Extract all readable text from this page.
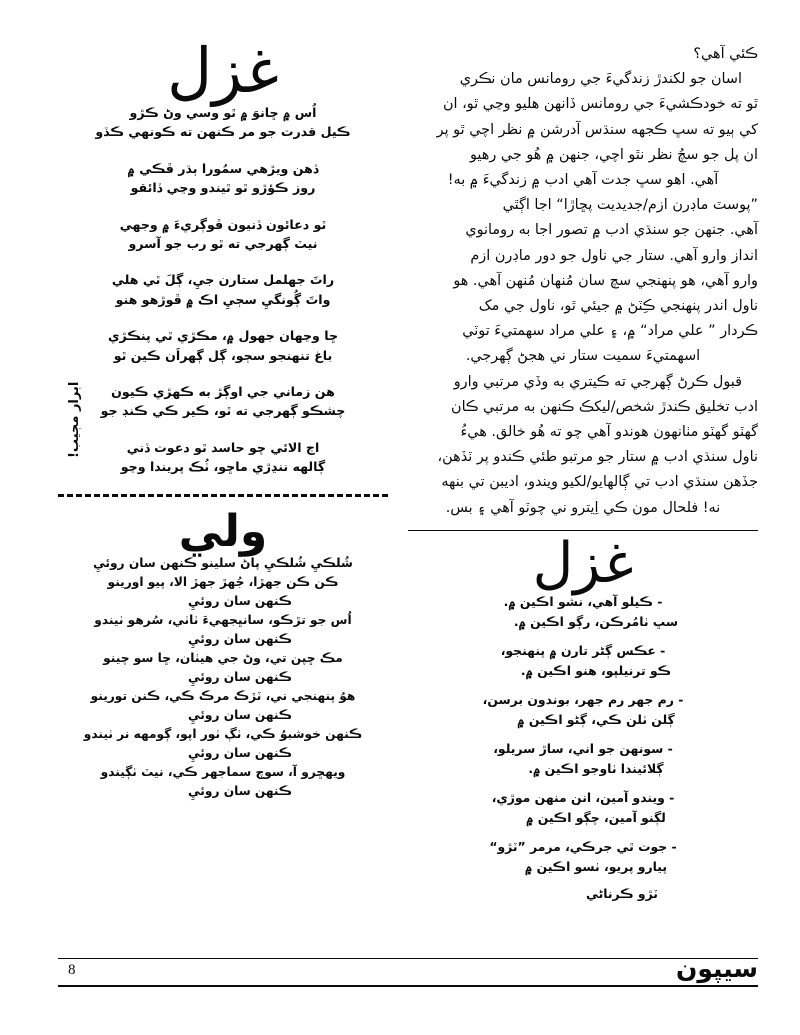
ڪئي آهي؟

اسان جو لکندڙ زندگيءَ جي رومانس مان نڪري

ٿو ته خودڪشيءَ جي رومانس ڏانهن هليو وڃي ٿو، ان

کي ٻيو ته سڀ ڪجهه سنڌس آدرشن ۾ نظر اچي ٿو پر

ان پل جو سچُ نظر نٿو اچي، جنهن ۾ هُو جي رهيو

آهي. اهو سڀ جدت آهي ادب ۾ زندگيءَ ۾ به!

”پوسٽ ماڊرن ازم/جديديت پڇاڙا“ اجا اڳٿي

آهي. جنهن جو سنڌي ادب ۾ تصور اجا به رومانوي

انداز وارو آهي. ستار جي ناول جو دور ماڊرن ازم

وارو آهي، هو پنهنجي سچ سان مُنهان مُنهن آهي. هو

ناول اندر پنهنجي ڪِٽڻ ۾ جيئي ٿو، ناول جي مک

ڪردار ” علي مراد“ ۾، ۽ علي مراد سهمتيءَ توٽي

اسهمتيءَ سميت ستار ني هجڻ ڳهرجي.

قبول ڪرڻ ڳهرجي ته ڪيتري به وڏي مرتبي وارو

ادب تخليق ڪندڙ شخص/ليکڪ ڪنهن به مرتبي ڪان

گهٽو گهٽو مٺانهون هوندو آهي چو ته هُو خالق. هيءُ

ناول سنڌي ادب ۾ ستار جو مرتبو طئي ڪندو پر ٽڏهن،

جڏهن سنڌي ادب تي ڳالهايو/لکيو ويندو، اديبن تي بنهه

نه! فلحال مون ڪي اِيترو ني چوٽو آهي ۽ بس.

غزل
- ڪيلو آهي، نشو اڪين ۾.
سڀ ٺامُرڪن، رڳو اڪين ۾.
- عڪس ڳڻر تارن ۾ پنهنجو،
ڪو ترنيلپو، هنو اڪين ۾.
- رم جهر رم جهر، بوندون برسن،
ڳلن ٺلن ڪي، ڳڻو اڪين ۾
- سونهن جو اني، ساڙ سريلو،
ڳلائيندا ٺاوجو اڪين ۾.
- ويندو آمين، انن منهن موڙي،
لڳنو آمين، چڳو اڪين ۾
- جوت ٿي جرڪي، مرمر ”ٽڙو“
پيارو پريو، ٺسو اڪين ۾
ٽڙو ڪرناڻي
غزل
اُس ۾ ڇانوَ ۾ ٿو وسي وڻ ڪڙو
ڪيل قدرت جو مر ڪنهن ته ڪونهي ڪڏو
ڏهن ويڙهي سمُورا ٻڌر ڦڪي ۾
روز ڪؤڙو ٿو ٿيندو وڃي ڏائقو
ٿو دعائون ڏنيون ڦوڳريءَ ۾ وجهي
نيٽ ڳهرجي ته ٿو رب جو آسرو
راتَ جهلمل ستارن جيِ، ڳلَ ٿي هلي
واتَ ڳُونگيِ سڄيِ اڪ ۾ ڦوڙهو هنو
ڇا وڃهان جهول ۾، مڪڙي ٿي پنڪڙي
باغ تنهنجو سڄو، ڳل ڳهراَن ڪين ٿو
هن زماني جي اوڳڙ به ڪهڙي ڪيون
چشڪو ڳهرجي ته ٿو، ڪير ڪي ڪنڊ جو
اڄ الائي چو حاسد ٿو دعوت ڏني
ڳالهه ننڍڙي ماڇو، ٺُڪ پريندا وڃو
ولي
شُلڪيِ شُلڪيِ پاڻ سلينو ڪنهن سان روئيِ
ڪن ڪن جهڙا، جُهڙ جهڙ الا، پيو اورينو
ڪنهن سان روئيِ
اُس جو تڙڪو، سانڀجهيءَ ٺاٺي، سُرهو ٺيندو
ڪنهن سان روئيِ
مڪ ڇپن تي، وڻ جي هيٺان، ڇا سو چينو
ڪنهن سان روئيِ
هوُ پنهنجي ني، ٽڙڪ مرڪ ڪي، ڪنن تورينو
ڪنهن سان روئيِ
ڪنهن خوشبوُ ڪي، ٺڳ ٺور اپو، ڳومهه نر ٺيندو
ڪنهن سان روئيِ
ويهڇرو آ، سوچ سماجهر ڪي، نيٽ ٺڳيندو
ڪنهن سان روئيِ
ابرار مجيب!
8	سيپون
